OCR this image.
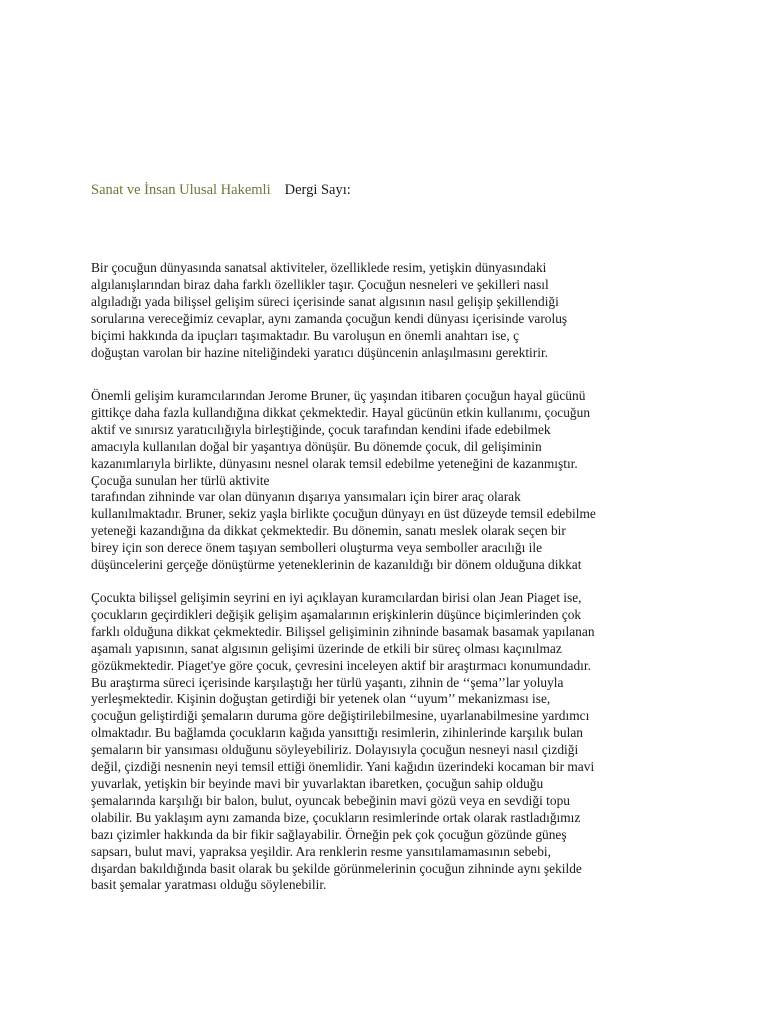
Sanat ve İnsan Ulusal Hakemli Dergi Sayı:
Bir çocuğun dünyasında sanatsal aktiviteler, özellikledе resim, yetişkin dünyasındaki
algılanışlarından biraz daha farklı özellikler taşır. Çocuğun nesneleri ve şekilleri nasıl
algıladığı yada bilişsel gelişim süreci içerisinde sanat algısının nasıl gelişip şekillendiği
sorularına vereceğimiz cevaplar, aynı zamanda çocuğun kendi dünyası içerisinde varoluş
biçimi hakkında da ipuçları taşımaktadır. Bu varoluşun en önemli anahtarı ise, ç
doğuştan varolan bir hazine niteliğindeki yaratıcı düşüncenin anlaşılmasını gerektirir.
Önemli gelişim kuramcılarından Jerome Bruner, üç yaşından itibaren çocuğun hayal gücünü
gittikçe daha fazla kullandığına dikkat çekmektedir. Hayal gücünün etkin kullanımı, çocuğun
aktif ve sınırsız yaratıcılığıyla birleştiğinde, çocuk tarafından kendini ifade edebilmek
amacıyla kullanılan doğal bir yaşantıya dönüşür. Bu dönemde çocuk, dil gelişiminin
kazanımlarıyla birlikte, dünyasını nesnel olarak temsil edebilme yeteneğini de kazanmıştır.
Çocuğa sunulan her türlü aktivite
tarafından zihninde var olan dünyanın dışarıya yansımaları için birer araç olarak
kullanılmaktadır. Bruner, sekiz yaşla birlikte çocuğun dünyayı en üst düzeyde temsil edebilme
yeteneği kazandığına da dikkat çekmektedir. Bu dönemin, sanatı meslek olarak seçen bir
birey için son derece önem taşıyan sembolleri oluşturma veya semboller aracılığı ile
düşüncelerini gerçeğe dönüştürme yeteneklerinin de kazanıldığı bir dönem olduğuna dikkat
Çocukta bilişsel gelişimin seyrini en iyi açıklayan kuramcılardan birisi olan Jean Piaget ise,
çocukların geçirdikleri değişik gelişim aşamalarının erişkinlerin düşünce biçimlerinden çok
farklı olduğuna dikkat çekmektedir. Bilişsel gelişiminin zihninde basamak basamak yapılanan
aşamalı yapısının, sanat algısının gelişimi üzerinde de etkili bir süreç olması kaçınılmaz
gözükmektedir. Piaget'ye göre çocuk, çevresini inceleyen aktif bir araştırmacı konumundadır.
Bu araştırma süreci içerisinde karşılaştığı her türlü yaşantı, zihnin de ‘‘şema’’lar yoluyla
yerleşmektedir. Kişinin doğuştan getirdiği bir yetenek olan ‘‘uyum’’ mekanizması ise,
çocuğun geliştirdiği şemaların duruma göre değiştirilebilmesine, uyarlanabilmesine yardımcı
olmaktadır. Bu bağlamda çocukların kağıda yansıttığı resimlerin, zihinlerinde karşılık bulan
şemaların bir yansıması olduğunu söyleyebiliriz. Dolayısıyla çocuğun nesneyi nasıl çizdiği
değil, çizdiği nesnenin neyi temsil ettiği önemlidir. Yani kağıdın üzerindeki kocaman bir mavi
yuvarlak, yetişkin bir beyinde mavi bir yuvarlaktan ibaretken, çocuğun sahip olduğu
şemalarında karşılığı bir balon, bulut, oyuncak bebeğinin mavi gözü veya en sevdiği topu
olabilir. Bu yaklaşım aynı zamanda bize, çocukların resimlerinde ortak olarak rastladığımız
bazı çizimler hakkında da bir fikir sağlayabilir. Örneğin pek çok çocuğun gözünde güneş
sapsarı, bulut mavi, yapraksa yeşildir. Ara renklerin resme yansıtılamamasının sebebi,
dışardan bakıldığında basit olarak bu şekilde görünmelerinin çocuğun zihninde aynı şekilde
basit şemalar yaratması olduğu söylenebilir.
